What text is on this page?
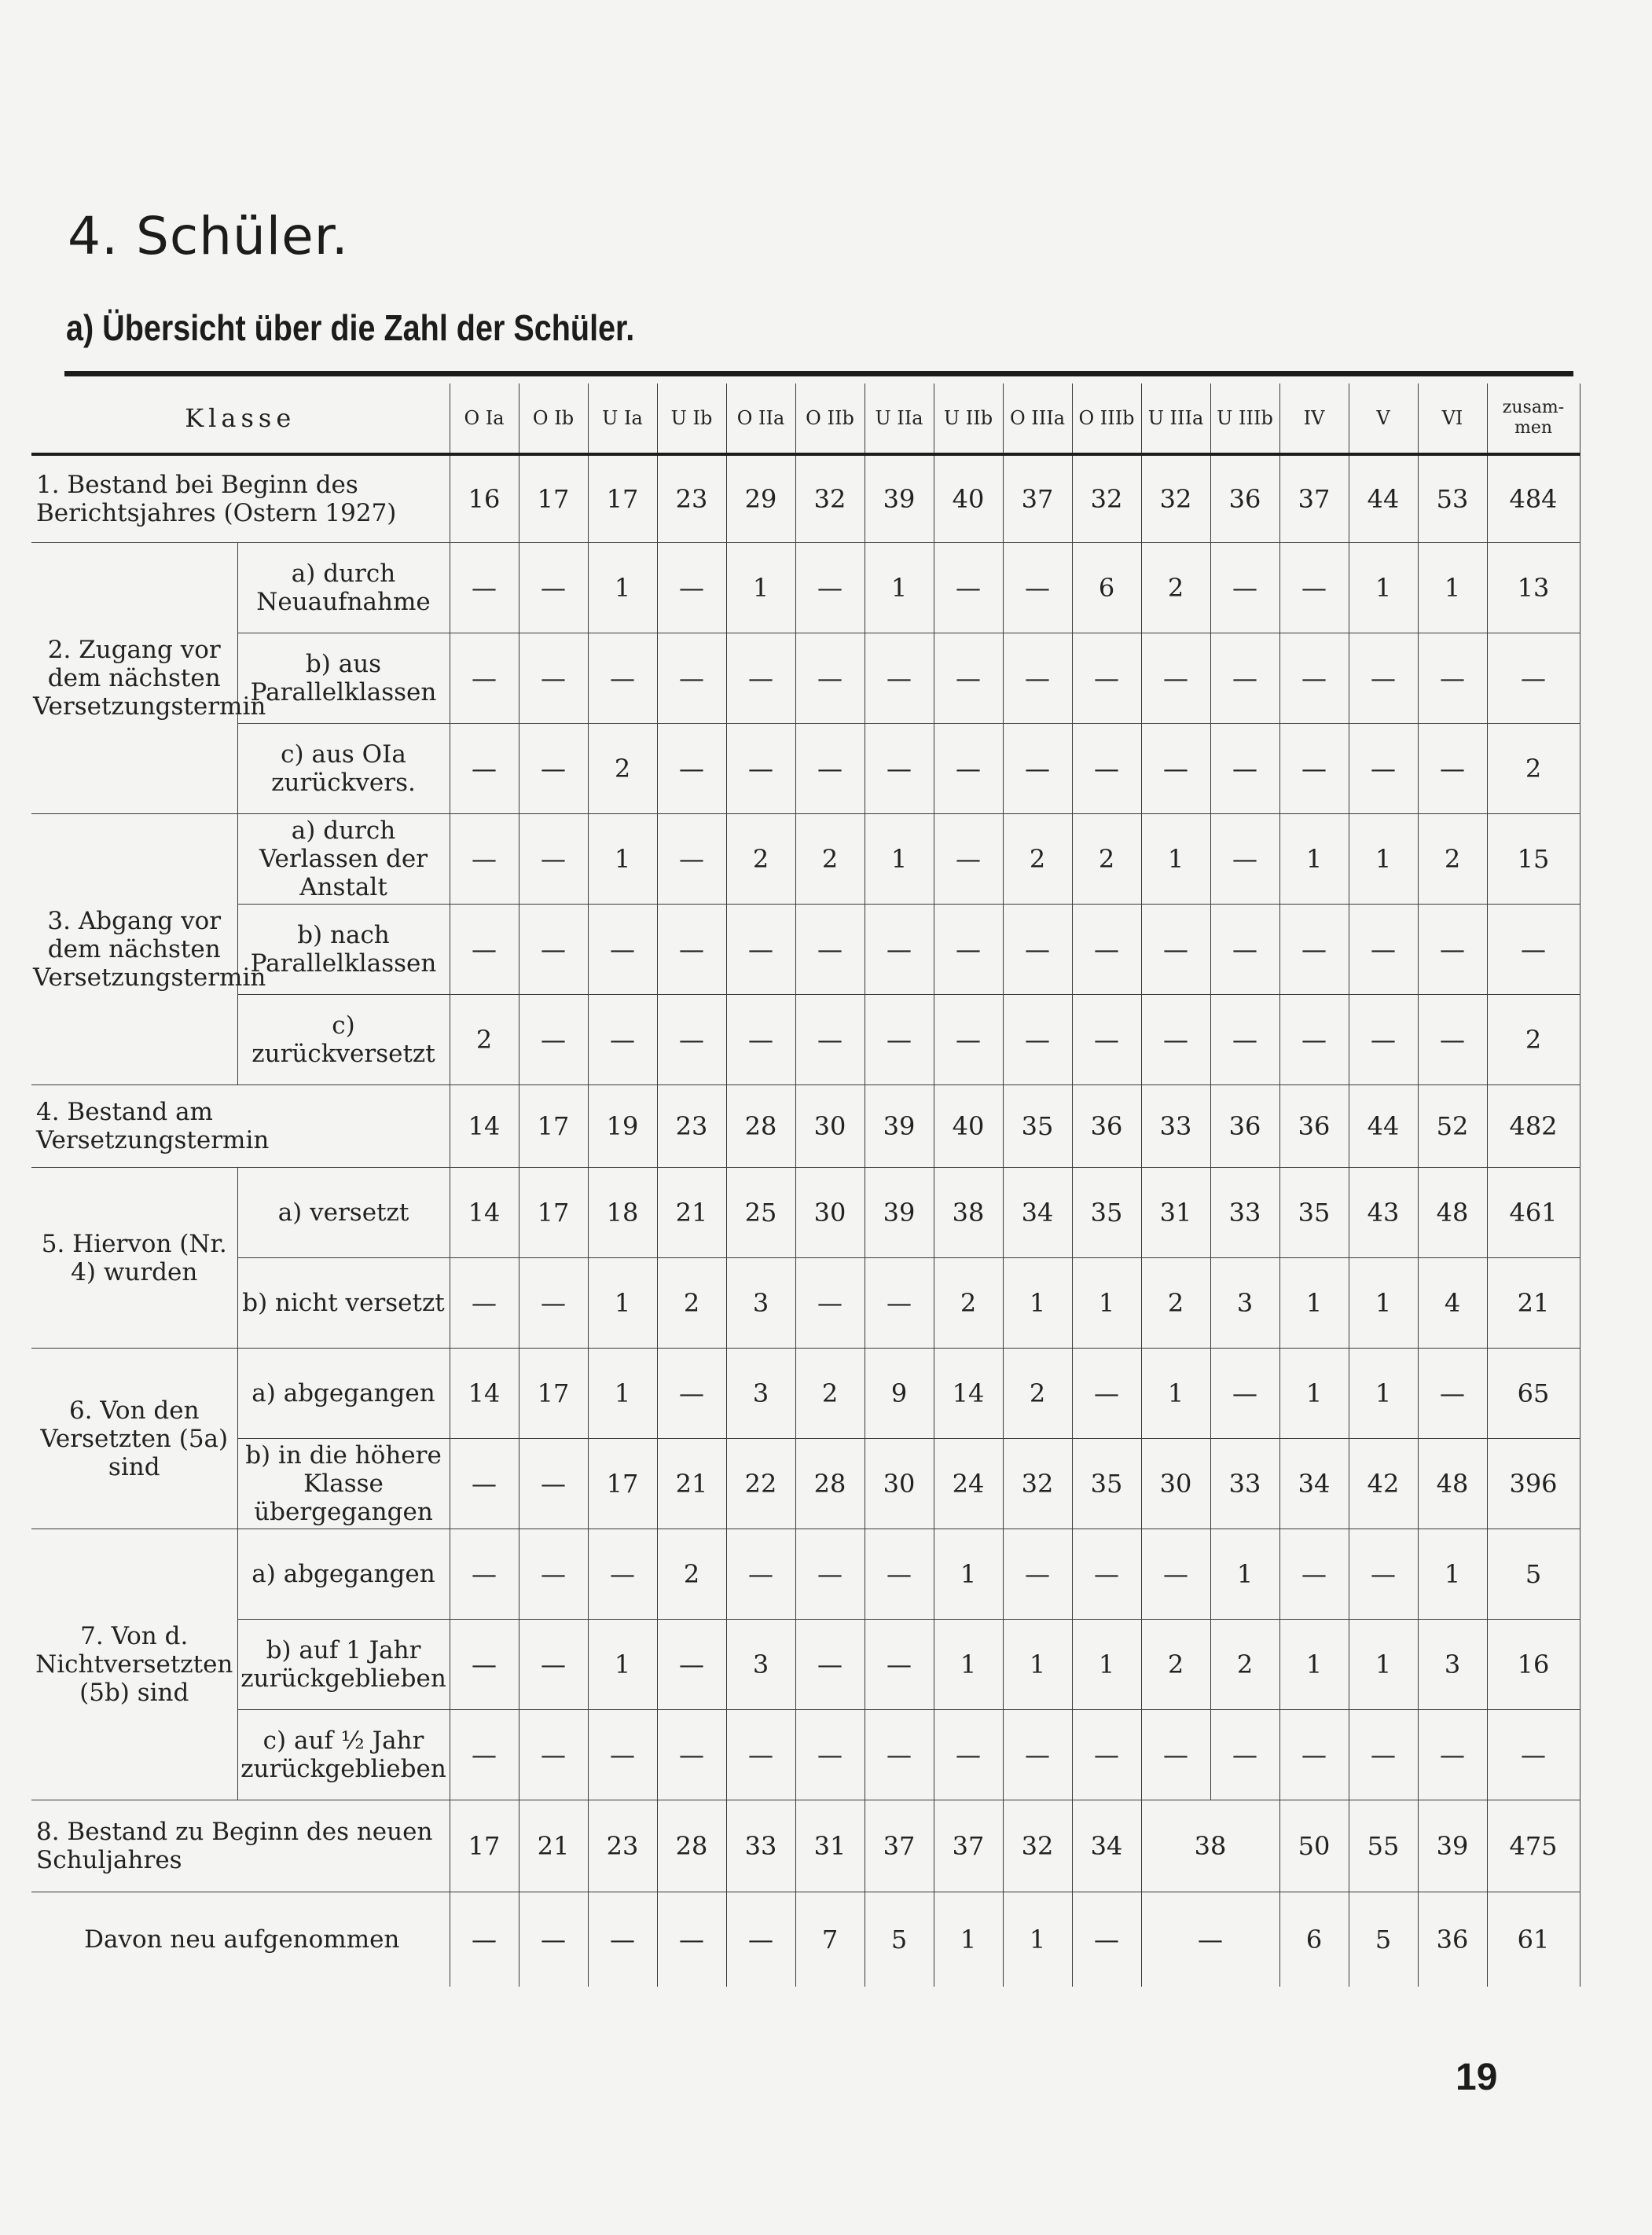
4. Schüler.
a) Übersicht über die Zahl der Schüler.
Klasse		O Ia	O Ib	U Ia	U Ib	O IIa	O IIb	U IIa	U IIb	O IIIa	O IIIb	U IIIa	U IIIb	IV	V	VI	zusam-men
1. Bestand bei Beginn des Berichtsjahres (Ostern 1927)		16	17	17	23	29	32	39	40	37	32	32	36	37	44	53	484
2. Zugang vor dem nächsten Versetzungstermin	a) durch Neuaufnahme	—	—	1	—	1	—	1	—	—	6	2	—	—	1	1	13
	b) aus Parallelklassen	—	—	—	—	—	—	—	—	—	—	—	—	—	—	—	—
	c) aus OIa zurückvers.	—	—	2	—	—	—	—	—	—	—	—	—	—	—	—	2
3. Abgang vor dem nächsten Versetzungstermin	a) durch Verlassen der Anstalt	—	—	1	—	2	2	1	—	2	2	1	—	1	1	2	15
	b) nach Parallelklassen	—	—	—	—	—	—	—	—	—	—	—	—	—	—	—	—
	c) zurückversetzt	2	—	—	—	—	—	—	—	—	—	—	—	—	—	—	2
4. Bestand am Versetzungstermin		14	17	19	23	28	30	39	40	35	36	33	36	36	44	52	482
5. Hiervon (Nr. 4) wurden	a) versetzt	14	17	18	21	25	30	39	38	34	35	31	33	35	43	48	461
	b) nicht versetzt	—	—	1	2	3	—	—	2	1	1	2	3	1	1	4	21
6. Von den Versetzten (5a) sind	a) abgegangen	14	17	1	—	3	2	9	14	2	—	1	—	1	1	—	65
	b) in die höhere Klasse übergegangen	—	—	17	21	22	28	30	24	32	35	30	33	34	42	48	396
7. Von d. Nichtversetzten (5b) sind	a) abgegangen	—	—	—	2	—	—	—	1	—	—	—	1	—	—	1	5
	b) auf 1 Jahr zurückgeblieben	—	—	1	—	3	—	—	1	1	1	2	2	1	1	3	16
	c) auf ½ Jahr zurückgeblieben	—	—	—	—	—	—	—	—	—	—	—	—	—	—	—	—
8. Bestand zu Beginn des neuen Schuljahres		17	21	23	28	33	31	37	37	32	34	38		50	55	39	475
Davon neu aufgenommen		—	—	—	—	—	7	5	1	1	—	—		6	5	36	61
19
